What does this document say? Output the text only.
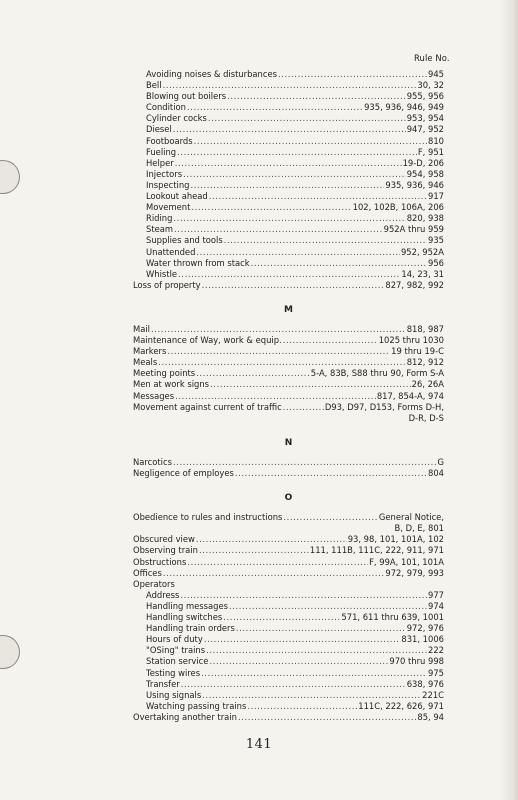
Rule No.
Avoiding noises & disturbances .....	945
Bell .....	30, 32
Blowing out boilers .....	955, 956
Condition .....	935, 936, 946, 949
Cylinder cocks .....	953, 954
Diesel .....	947, 952
Footboards .....	810
Fueling .....	F, 951
Helper .....	19-D, 206
Injectors .....	954, 958
Inspecting .....	935, 936, 946
Lookout ahead .....	917
Movement .....	102, 102B, 106A, 206
Riding .....	820, 938
Steam .....	952A thru 959
Supplies and tools .....	935
Unattended .....	952, 952A
Water thrown from stack .....	956
Whistle .....	14, 23, 31
Loss of property .....	827, 982, 992
M
Mail .....	818, 987
Maintenance of Way, work & equip. .....	1025 thru 1030
Markers .....	19 thru 19-C
Meals .....	812, 912
Meeting points .....	5-A, 83B, S88 thru 90, Form S-A
Men at work signs .....	26, 26A
Messages .....	817, 854-A, 974
Movement against current of traffic .....	D93, D97, D153, Forms D-H,
D-R, D-S
N
Narcotics .....	G
Negligence of employes .....	804
O
Obedience to rules and instructions .....	General Notice,
B, D, E, 801
Obscured view .....	93, 98, 101, 101A, 102
Observing train .....	111, 111B, 111C, 222, 911, 971
Obstructions .....	F, 99A, 101, 101A
Offices .....	972, 979, 993
Operators
Address .....	977
Handling messages .....	974
Handling switches .....	571, 611 thru 639, 1001
Handling train orders .....	972, 976
Hours of duty .....	831, 1006
"OSing" trains .....	222
Station service .....	970 thru 998
Testing wires .....	975
Transfer .....	638, 976
Using signals .....	221C
Watching passing trains .....	111C, 222, 626, 971
Overtaking another train .....	85, 94
141
